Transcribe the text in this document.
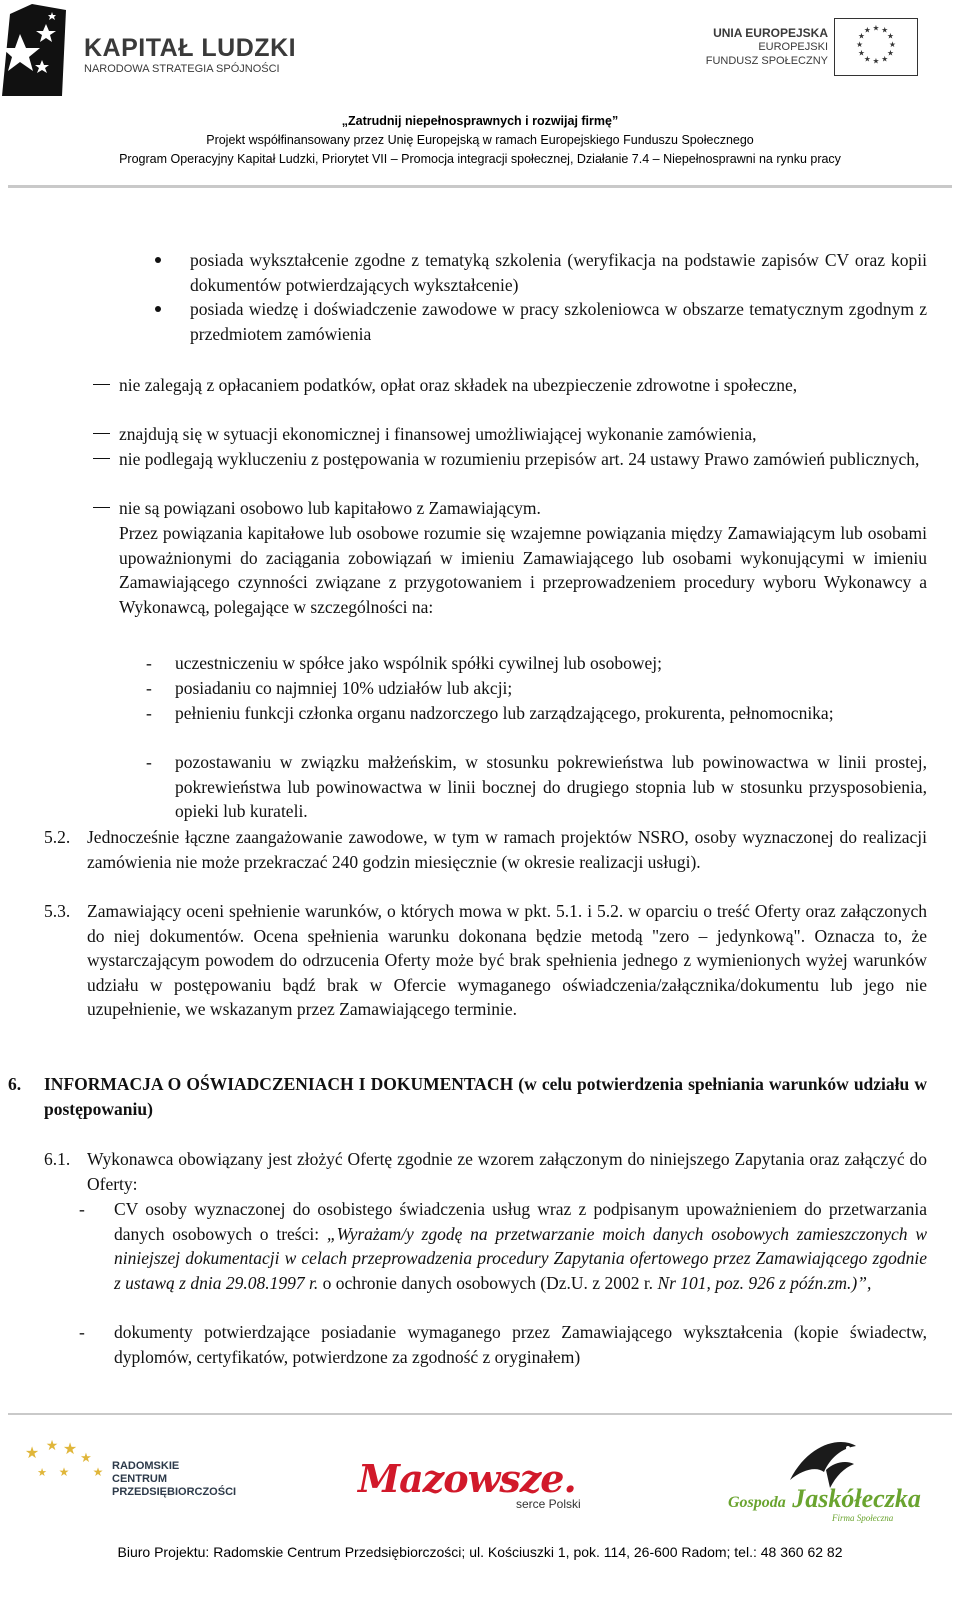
KAPITAŁ LUDZKI
NARODOWA STRATEGIA SPÓJNOŚCI
UNIA EUROPEJSKA
EUROPEJSKI
FUNDUSZ SPOŁECZNY
★ ★
★
★
★
★
★
★
★
★
★
★
„Zatrudnij niepełnosprawnych i rozwijaj firmę”
Projekt współfinansowany przez Unię Europejską w ramach Europejskiego Funduszu Społecznego
Program Operacyjny Kapitał Ludzki, Priorytet VII – Promocja integracji społecznej, Działanie 7.4 – Niepełnosprawni na rynku pracy
posiada wykształcenie zgodne z tematyką szkolenia (weryfikacja na podstawie zapisów CV oraz kopii dokumentów potwierdzających wykształcenie)
posiada wiedzę i doświadczenie zawodowe w pracy szkoleniowca w obszarze tematycznym zgodnym z przedmiotem zamówienia
nie zalegają z opłacaniem podatków, opłat oraz składek na ubezpieczenie zdrowotne i społeczne,
znajdują się w sytuacji ekonomicznej i finansowej umożliwiającej wykonanie zamówienia,
nie podlegają wykluczeniu z postępowania w rozumieniu przepisów art. 24 ustawy Prawo zamówień publicznych,
nie są powiązani osobowo lub kapitałowo z Zamawiającym.
Przez powiązania kapitałowe lub osobowe rozumie się wzajemne powiązania między Zamawiającym lub osobami upoważnionymi do zaciągania zobowiązań w imieniu Zamawiającego lub osobami wykonującymi w imieniu Zamawiającego czynności związane z przygotowaniem i przeprowadzeniem procedury wyboru Wykonawcy a Wykonawcą, polegające w szczególności na:
- uczestniczeniu w spółce jako wspólnik spółki cywilnej lub osobowej;
- posiadaniu co najmniej 10% udziałów lub akcji;
- pełnieniu funkcji członka organu nadzorczego lub zarządzającego, prokurenta, pełnomocnika;
- pozostawaniu w związku małżeńskim, w stosunku pokrewieństwa lub powinowactwa w linii prostej, pokrewieństwa lub powinowactwa w linii bocznej do drugiego stopnia lub w stosunku przysposobienia, opieki lub kurateli.
5.2. Jednocześnie łączne zaangażowanie zawodowe, w tym w ramach projektów NSRO, osoby wyznaczonej do realizacji zamówienia nie może przekraczać 240 godzin miesięcznie (w okresie realizacji usługi).
5.3. Zamawiający oceni spełnienie warunków, o których mowa w pkt. 5.1. i 5.2. w oparciu o treść Oferty oraz załączonych do niej dokumentów. Ocena spełnienia warunku dokonana będzie metodą "zero – jedynkową". Oznacza to, że wystarczającym powodem do odrzucenia Oferty może być brak spełnienia jednego z wymienionych wyżej warunków udziału w postępowaniu bądź brak w Ofercie wymaganego oświadczenia/załącznika/dokumentu lub jego nie uzupełnienie, we wskazanym przez Zamawiającego terminie.
6. INFORMACJA O OŚWIADCZENIACH I DOKUMENTACH (w celu potwierdzenia spełniania warunków udziału w postępowaniu)
6.1. Wykonawca obowiązany jest złożyć Ofertę zgodnie ze wzorem załączonym do niniejszego Zapytania oraz załączyć do Oferty:
- CV osoby wyznaczonej do osobistego świadczenia usług wraz z podpisanym upoważnieniem do przetwarzania danych osobowych o treści: „Wyrażam/y zgodę na przetwarzanie moich danych osobowych zamieszczonych w niniejszej dokumentacji w celach przeprowadzenia procedury Zapytania ofertowego przez Zamawiającego zgodnie z ustawą z dnia 29.08.1997 r. o ochronie danych osobowych (Dz.U. z 2002 r. Nr 101, poz. 926 z późn.zm.)”,
- dokumenty potwierdzające posiadanie wymaganego przez Zamawiającego wykształcenia (kopie świadectw, dyplomów, certyfikatów, potwierdzone za zgodność z oryginałem)
★ ★ ★
★
★
★ ★	RADOMSKIE
CENTRUM
PRZEDSIĘBIORCZOŚCI	Mazowsze.
serce Polski	Gospoda Jaskółeczka
Firma Społeczna
Biuro Projektu: Radomskie Centrum Przedsiębiorczości; ul. Kościuszki 1, pok. 114, 26-600 Radom; tel.: 48 360 62 82
